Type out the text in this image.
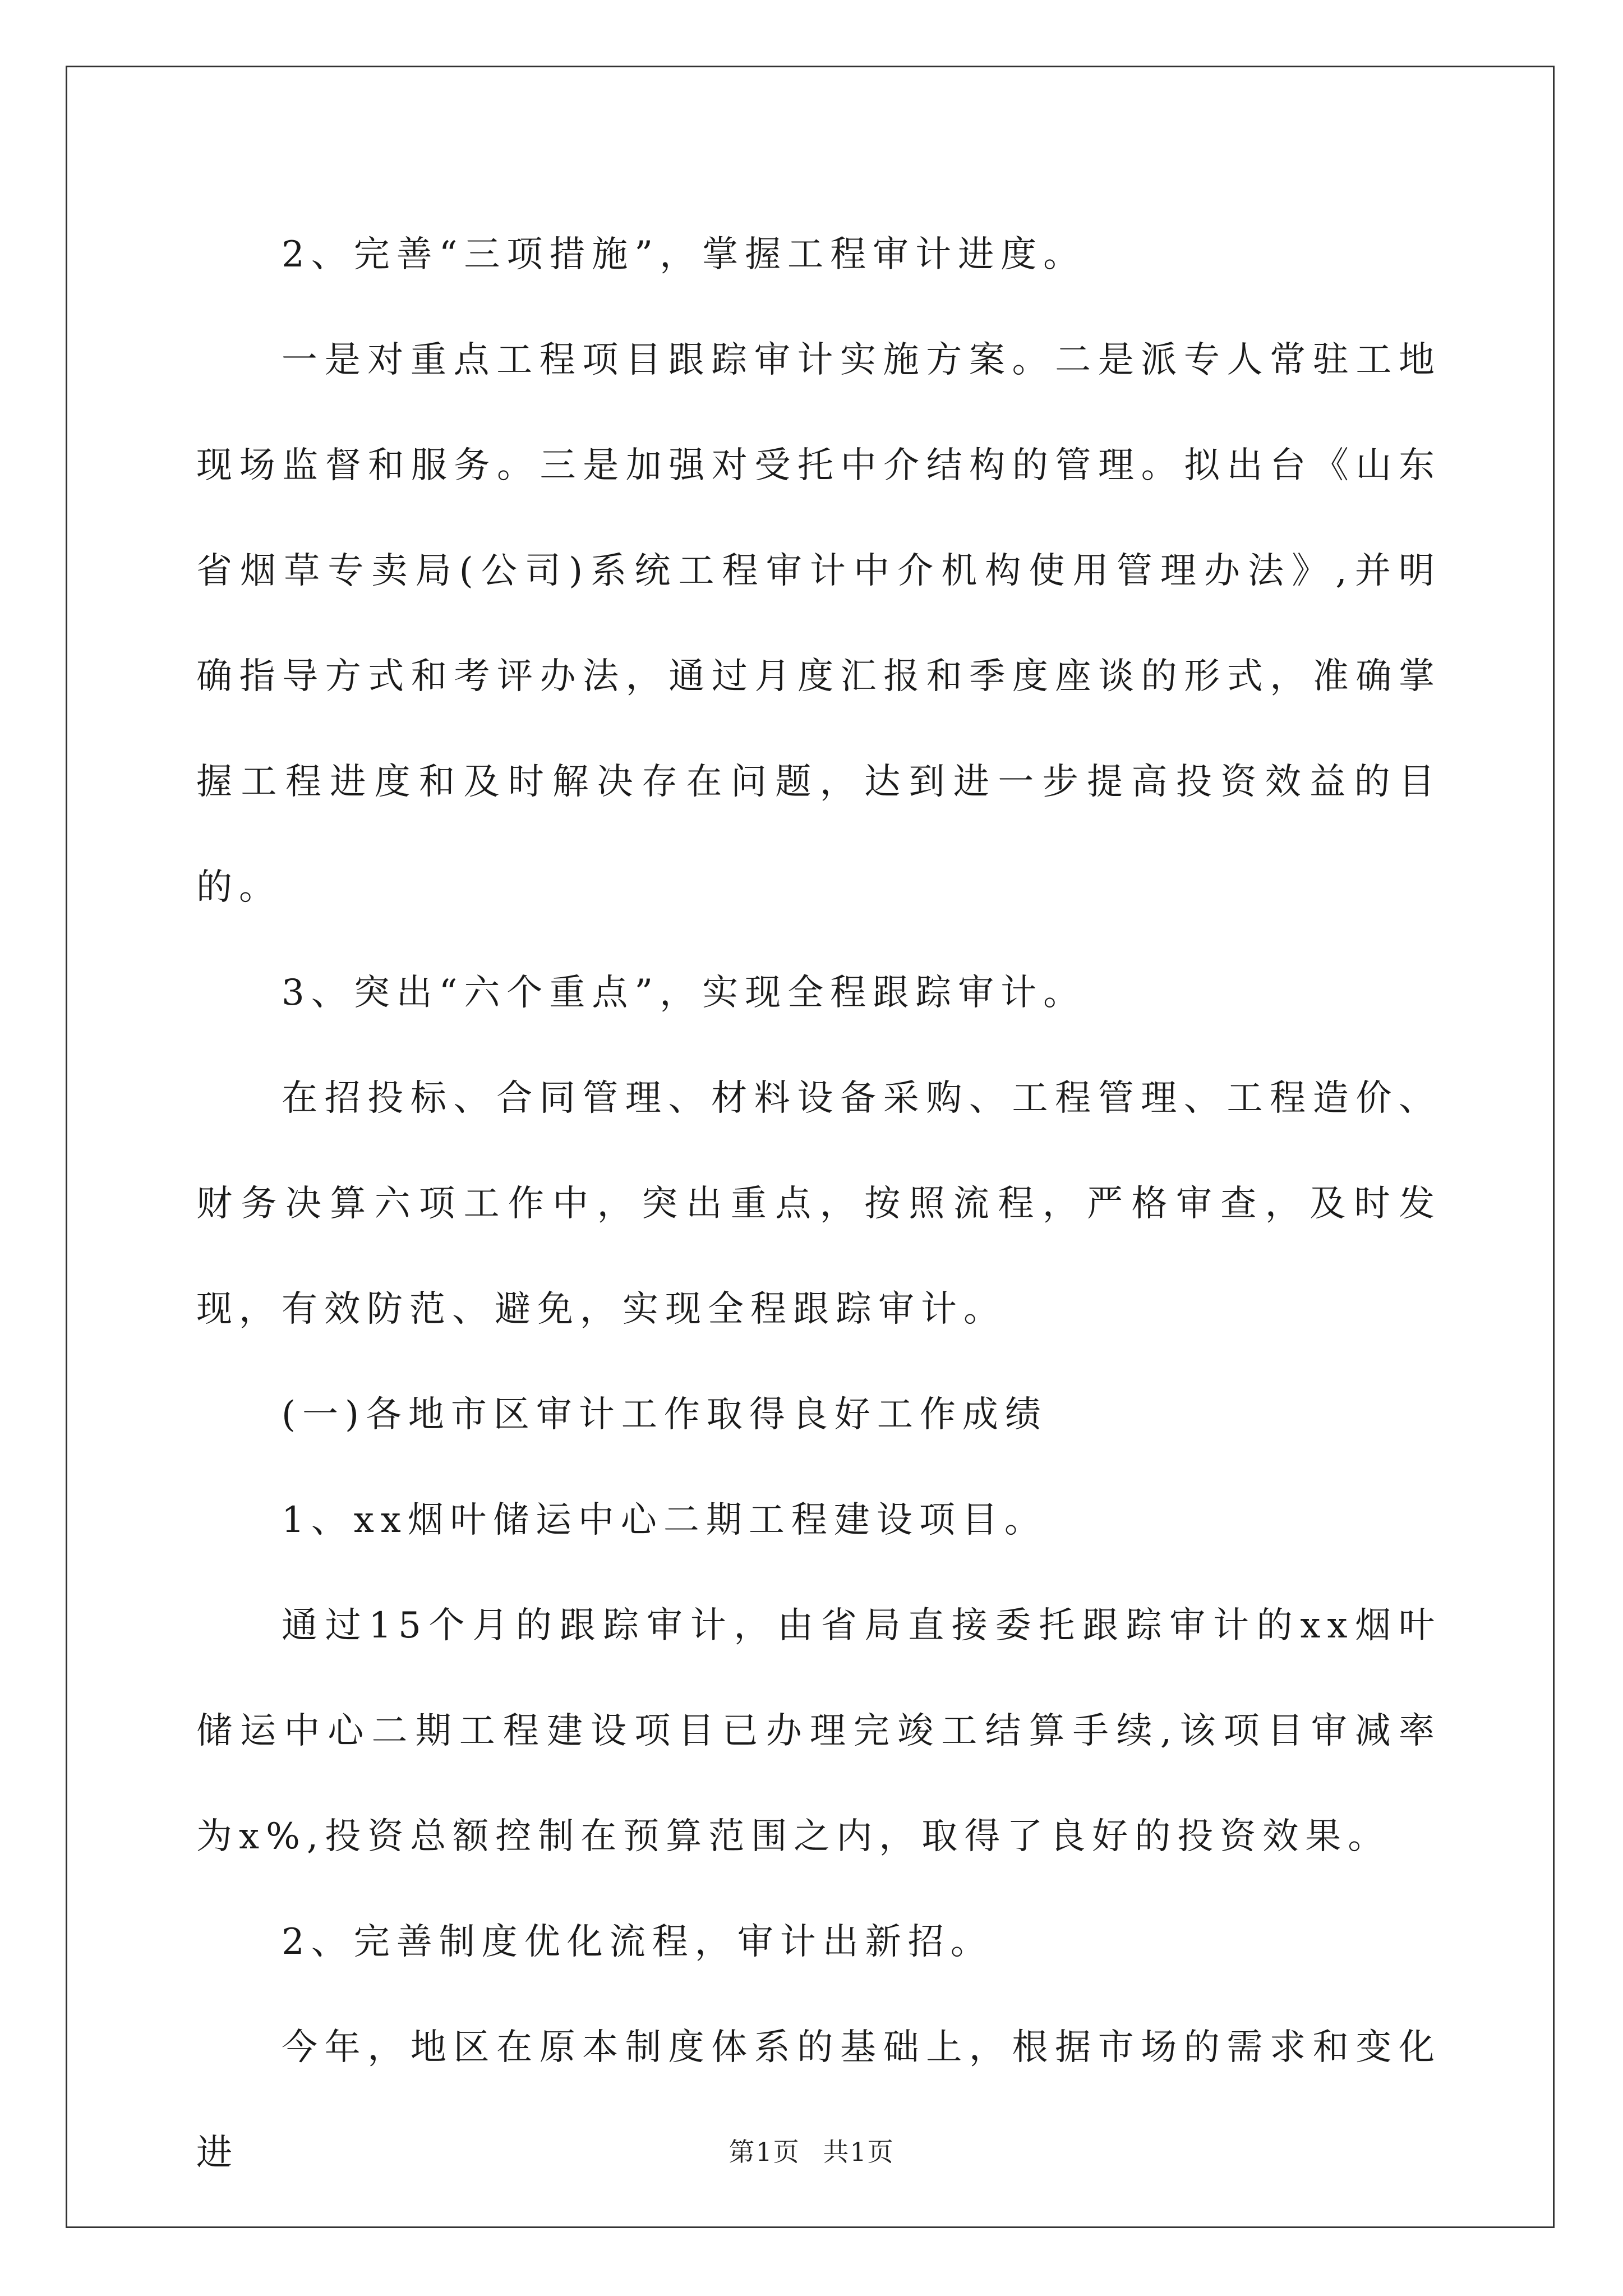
2、完善“三项措施”，掌握工程审计进度。

一是对重点工程项目跟踪审计实施方案。二是派专人常驻工地现场监督和服务。三是加强对受托中介结构的管理。拟出台《山东省烟草专卖局(公司)系统工程审计中介机构使用管理办法》,并明确指导方式和考评办法，通过月度汇报和季度座谈的形式，准确掌握工程进度和及时解决存在问题，达到进一步提高投资效益的目的。

3、突出“六个重点”，实现全程跟踪审计。

在招投标、合同管理、材料设备采购、工程管理、工程造价、财务决算六项工作中，突出重点，按照流程，严格审查，及时发现，有效防范、避免，实现全程跟踪审计。

(一)各地市区审计工作取得良好工作成绩

1、xx烟叶储运中心二期工程建设项目。

通过15个月的跟踪审计，由省局直接委托跟踪审计的xx烟叶储运中心二期工程建设项目已办理完竣工结算手续,该项目审减率为x%,投资总额控制在预算范围之内，取得了良好的投资效果。

2、完善制度优化流程，审计出新招。

今年，地区在原本制度体系的基础上，根据市场的需求和变化进	第1页 共1页
